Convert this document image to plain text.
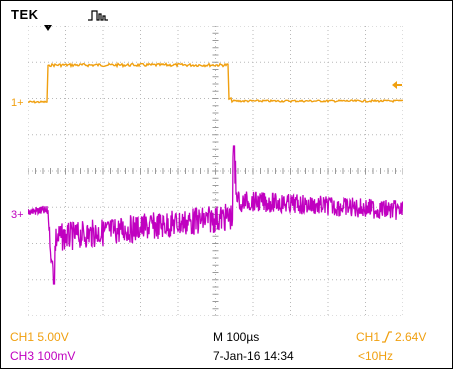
TEK
1+
3+
CH1 5.00V
CH3 100mV
M 100µs
7-Jan-16 14:34
CH1 2.64V
<10Hz
